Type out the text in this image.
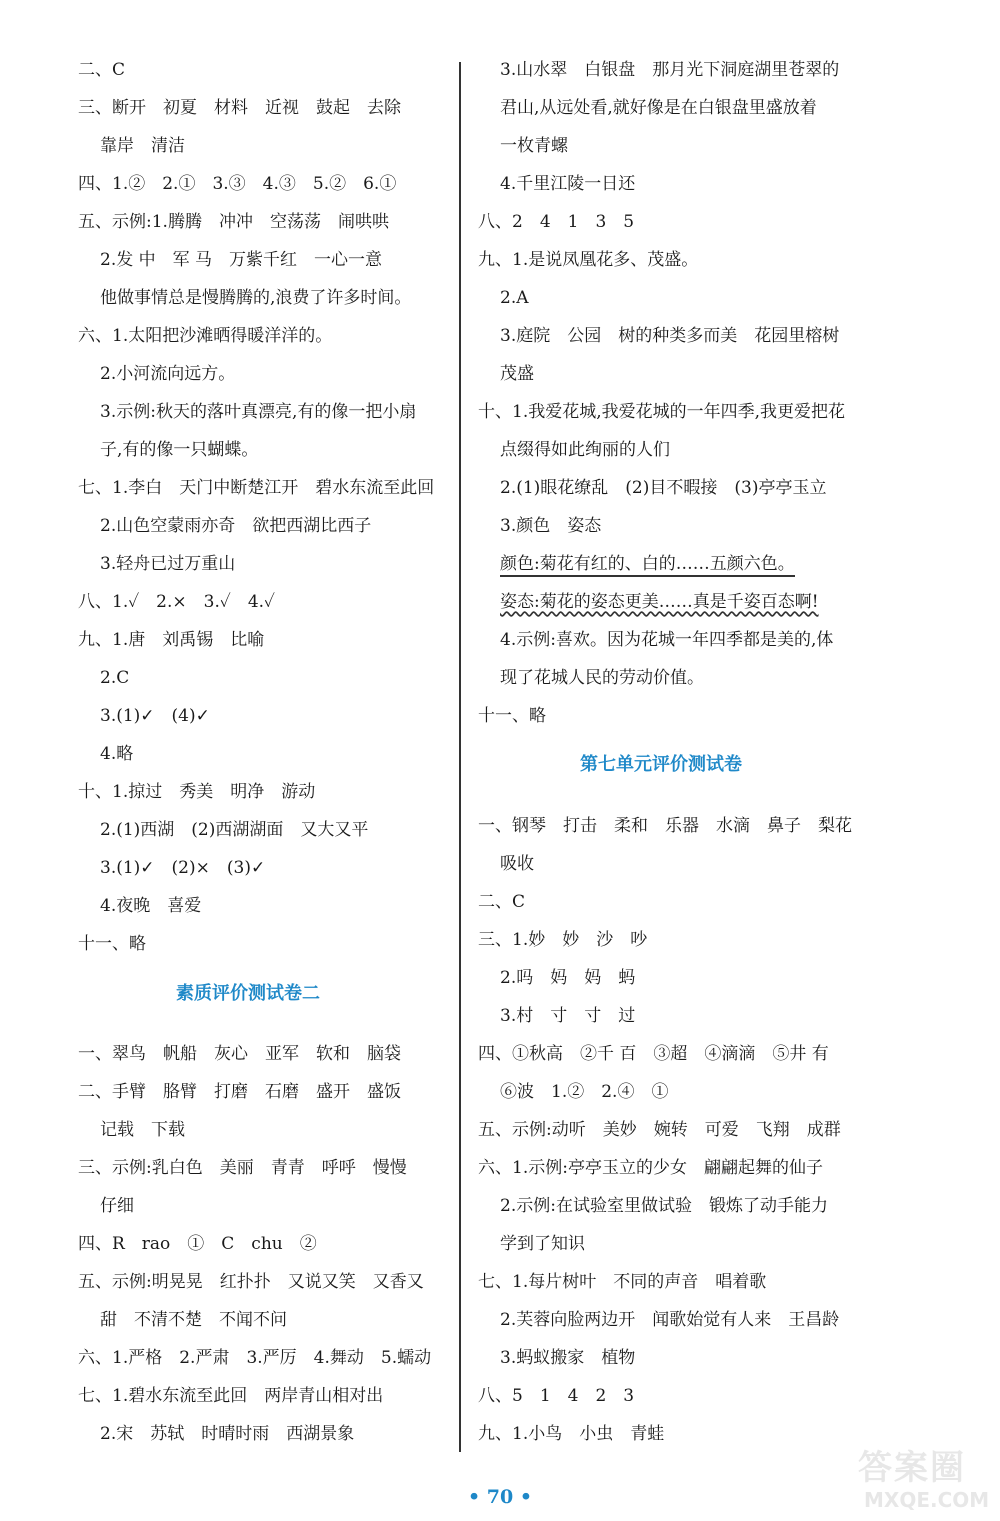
二、C
三、断开　初夏　材料　近视　鼓起　去除
靠岸　清洁
四、1.②　2.①　3.③　4.③　5.②　6.①
五、示例:1.腾腾　冲冲　空荡荡　闹哄哄
2.发 中　军 马　万紫千红　一心一意
他做事情总是慢腾腾的,浪费了许多时间。
六、1.太阳把沙滩晒得暖洋洋的。
2.小河流向远方。
3.示例:秋天的落叶真漂亮,有的像一把小扇
子,有的像一只蝴蝶。
七、1.李白　天门中断楚江开　碧水东流至此回
2.山色空蒙雨亦奇　欲把西湖比西子
3.轻舟已过万重山
八、1.✓　2.×　3.✓　4.✓
九、1.唐　刘禹锡　比喻
2.C
3.(1)✓　(4)✓
4.略
十、1.掠过　秀美　明净　游动
2.(1)西湖　(2)西湖湖面　又大又平
3.(1)✓　(2)×　(3)✓
4.夜晚　喜爱
十一、略
素质评价测试卷二
一、翠鸟　帆船　灰心　亚军　软和　脑袋
二、手臂　胳臂　打磨　石磨　盛开　盛饭
记载　下载
三、示例:乳白色　美丽　青青　呼呼　慢慢
仔细
四、R　rao　①　C　chu　②
五、示例:明晃晃　红扑扑　又说又笑　又香又
甜　不清不楚　不闻不问
六、1.严格　2.严肃　3.严厉　4.舞动　5.蠕动
七、1.碧水东流至此回　两岸青山相对出
2.宋　苏轼　时晴时雨　西湖景象
3.山水翠　白银盘　那月光下洞庭湖里苍翠的
君山,从远处看,就好像是在白银盘里盛放着
一枚青螺
4.千里江陵一日还
八、2　4　1　3　5
九、1.是说凤凰花多、茂盛。
2.A
3.庭院　公园　树的种类多而美　花园里榕树
茂盛
十、1.我爱花城,我爱花城的一年四季,我更爱把花
点缀得如此绚丽的人们
2.(1)眼花缭乱　(2)目不暇接　(3)亭亭玉立
3.颜色　姿态
颜色:菊花有红的、白的……五颜六色。
姿态:菊花的姿态更美……真是千姿百态啊!
4.示例:喜欢。因为花城一年四季都是美的,体
现了花城人民的劳动价值。
十一、略
第七单元评价测试卷
一、钢琴　打击　柔和　乐器　水滴　鼻子　梨花
吸收
二、C
三、1.妙　妙　沙　吵
2.吗　妈　妈　蚂
3.村　寸　寸　过
四、①秋高　②千 百　③超　④滴滴　⑤井 有
⑥波　1.②　2.④　①
五、示例:动听　美妙　婉转　可爱　飞翔　成群
六、1.示例:亭亭玉立的少女　翩翩起舞的仙子
2.示例:在试验室里做试验　锻炼了动手能力
学到了知识
七、1.每片树叶　不同的声音　唱着歌
2.芙蓉向脸两边开　闻歌始觉有人来　王昌龄
3.蚂蚁搬家　植物
八、5　1　4　2　3
九、1.小鸟　小虫　青蛙
• 70 •
答案圈
MXQE.COM
